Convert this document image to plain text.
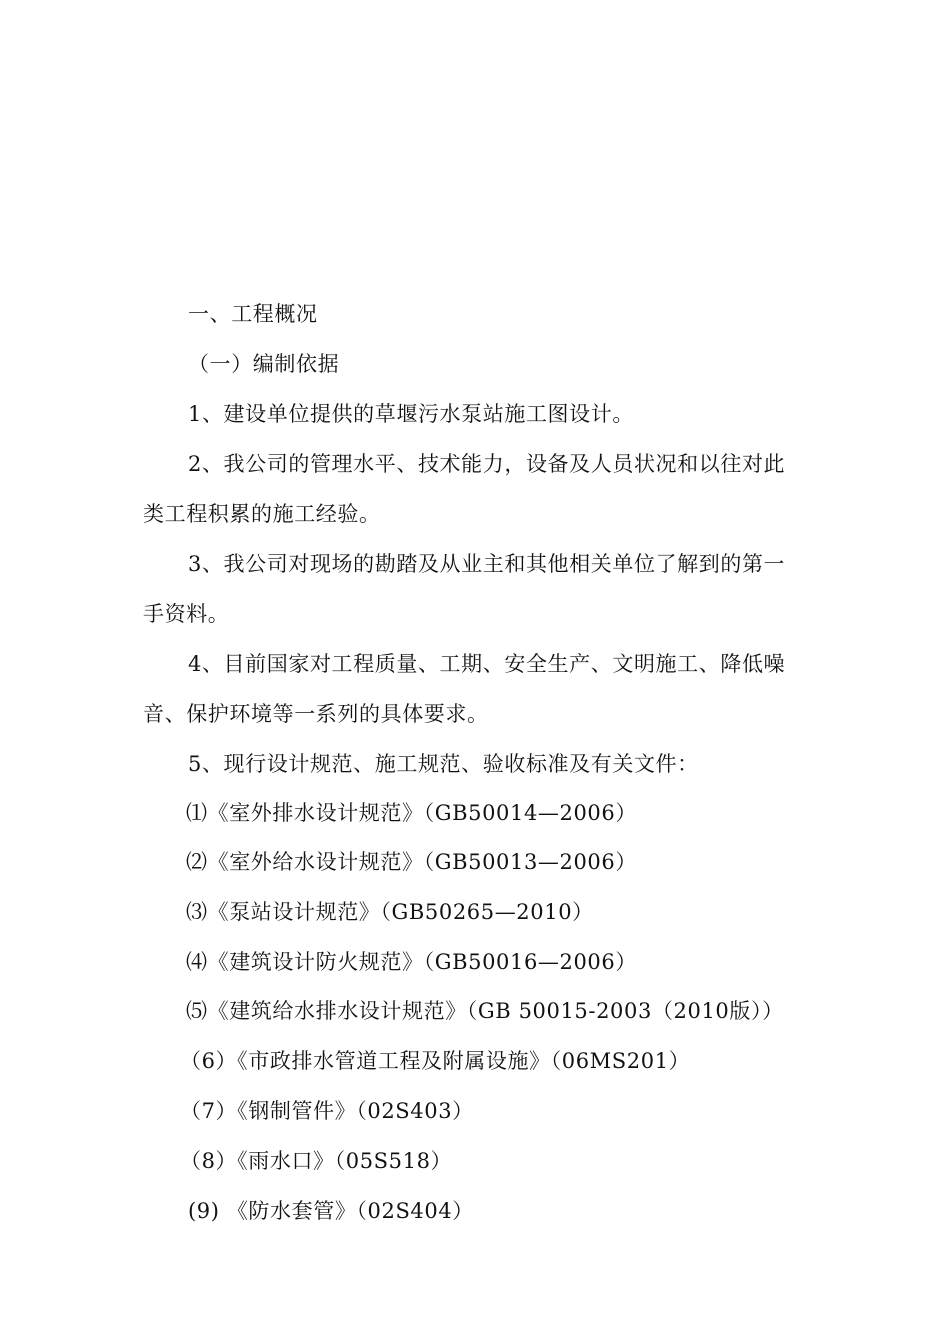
一、工程概况
（一）编制依据
1、建设单位提供的草堰污水泵站施工图设计。
2、我公司的管理水平、技术能力，设备及人员状况和以往对此
类工程积累的施工经验。
3、我公司对现场的勘踏及从业主和其他相关单位了解到的第一
手资料。
4、目前国家对工程质量、工期、安全生产、文明施工、降低噪
音、保护环境等一系列的具体要求。
5、现行设计规范、施工规范、验收标准及有关文件：
⑴《室外排水设计规范》（GB50014—2006）
⑵《室外给水设计规范》（GB50013—2006）
⑶《泵站设计规范》（GB50265—2010）
⑷《建筑设计防火规范》（GB50016—2006）
⑸《建筑给水排水设计规范》（GB 50015-2003（2010版））
（6）《市政排水管道工程及附属设施》（06MS201）
（7）《钢制管件》（02S403）
（8）《雨水口》（05S518）
(9) 《防水套管》（02S404）
